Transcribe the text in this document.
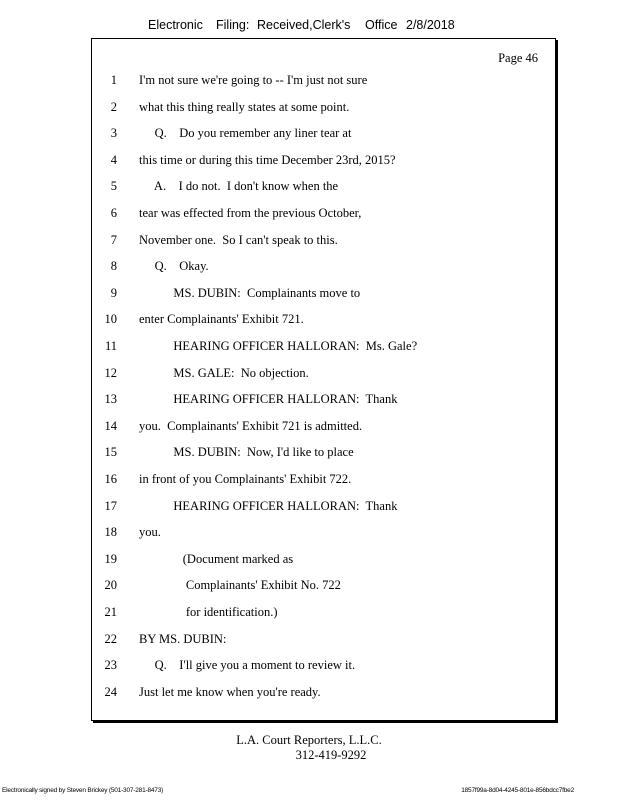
Electronic

Filing:

Received,Clerk's

Office

2/8/2018

Page 46
1 I'm not sure we're going to -- I'm just not sure
2 what this thing really states at some point.
3 Q.    Do you remember any liner tear at
4 this time or during this time December 23rd, 2015?
5 A.    I do not.  I don't know when the
6 tear was effected from the previous October,
7 November one.  So I can't speak to this.
8 Q.    Okay.
9 MS. DUBIN:  Complainants move to
10 enter Complainants' Exhibit 721.
11 HEARING OFFICER HALLORAN:  Ms. Gale?
12 MS. GALE:  No objection.
13 HEARING OFFICER HALLORAN:  Thank
14 you.  Complainants' Exhibit 721 is admitted.
15 MS. DUBIN:  Now, I'd like to place
16 in front of you Complainants' Exhibit 722.
17 HEARING OFFICER HALLORAN:  Thank
18 you.
19 (Document marked as
20 Complainants' Exhibit No. 722
21 for identification.)
22 BY MS. DUBIN:
23 Q.    I'll give you a moment to review it.
24 Just let me know when you're ready.
L.A. Court Reporters, L.L.C.
312-419-9292
Electronically signed by Steven Brickey (501-307-281-8473)	1857f99a-8d04-4245-801e-856bdcc7fbe2
